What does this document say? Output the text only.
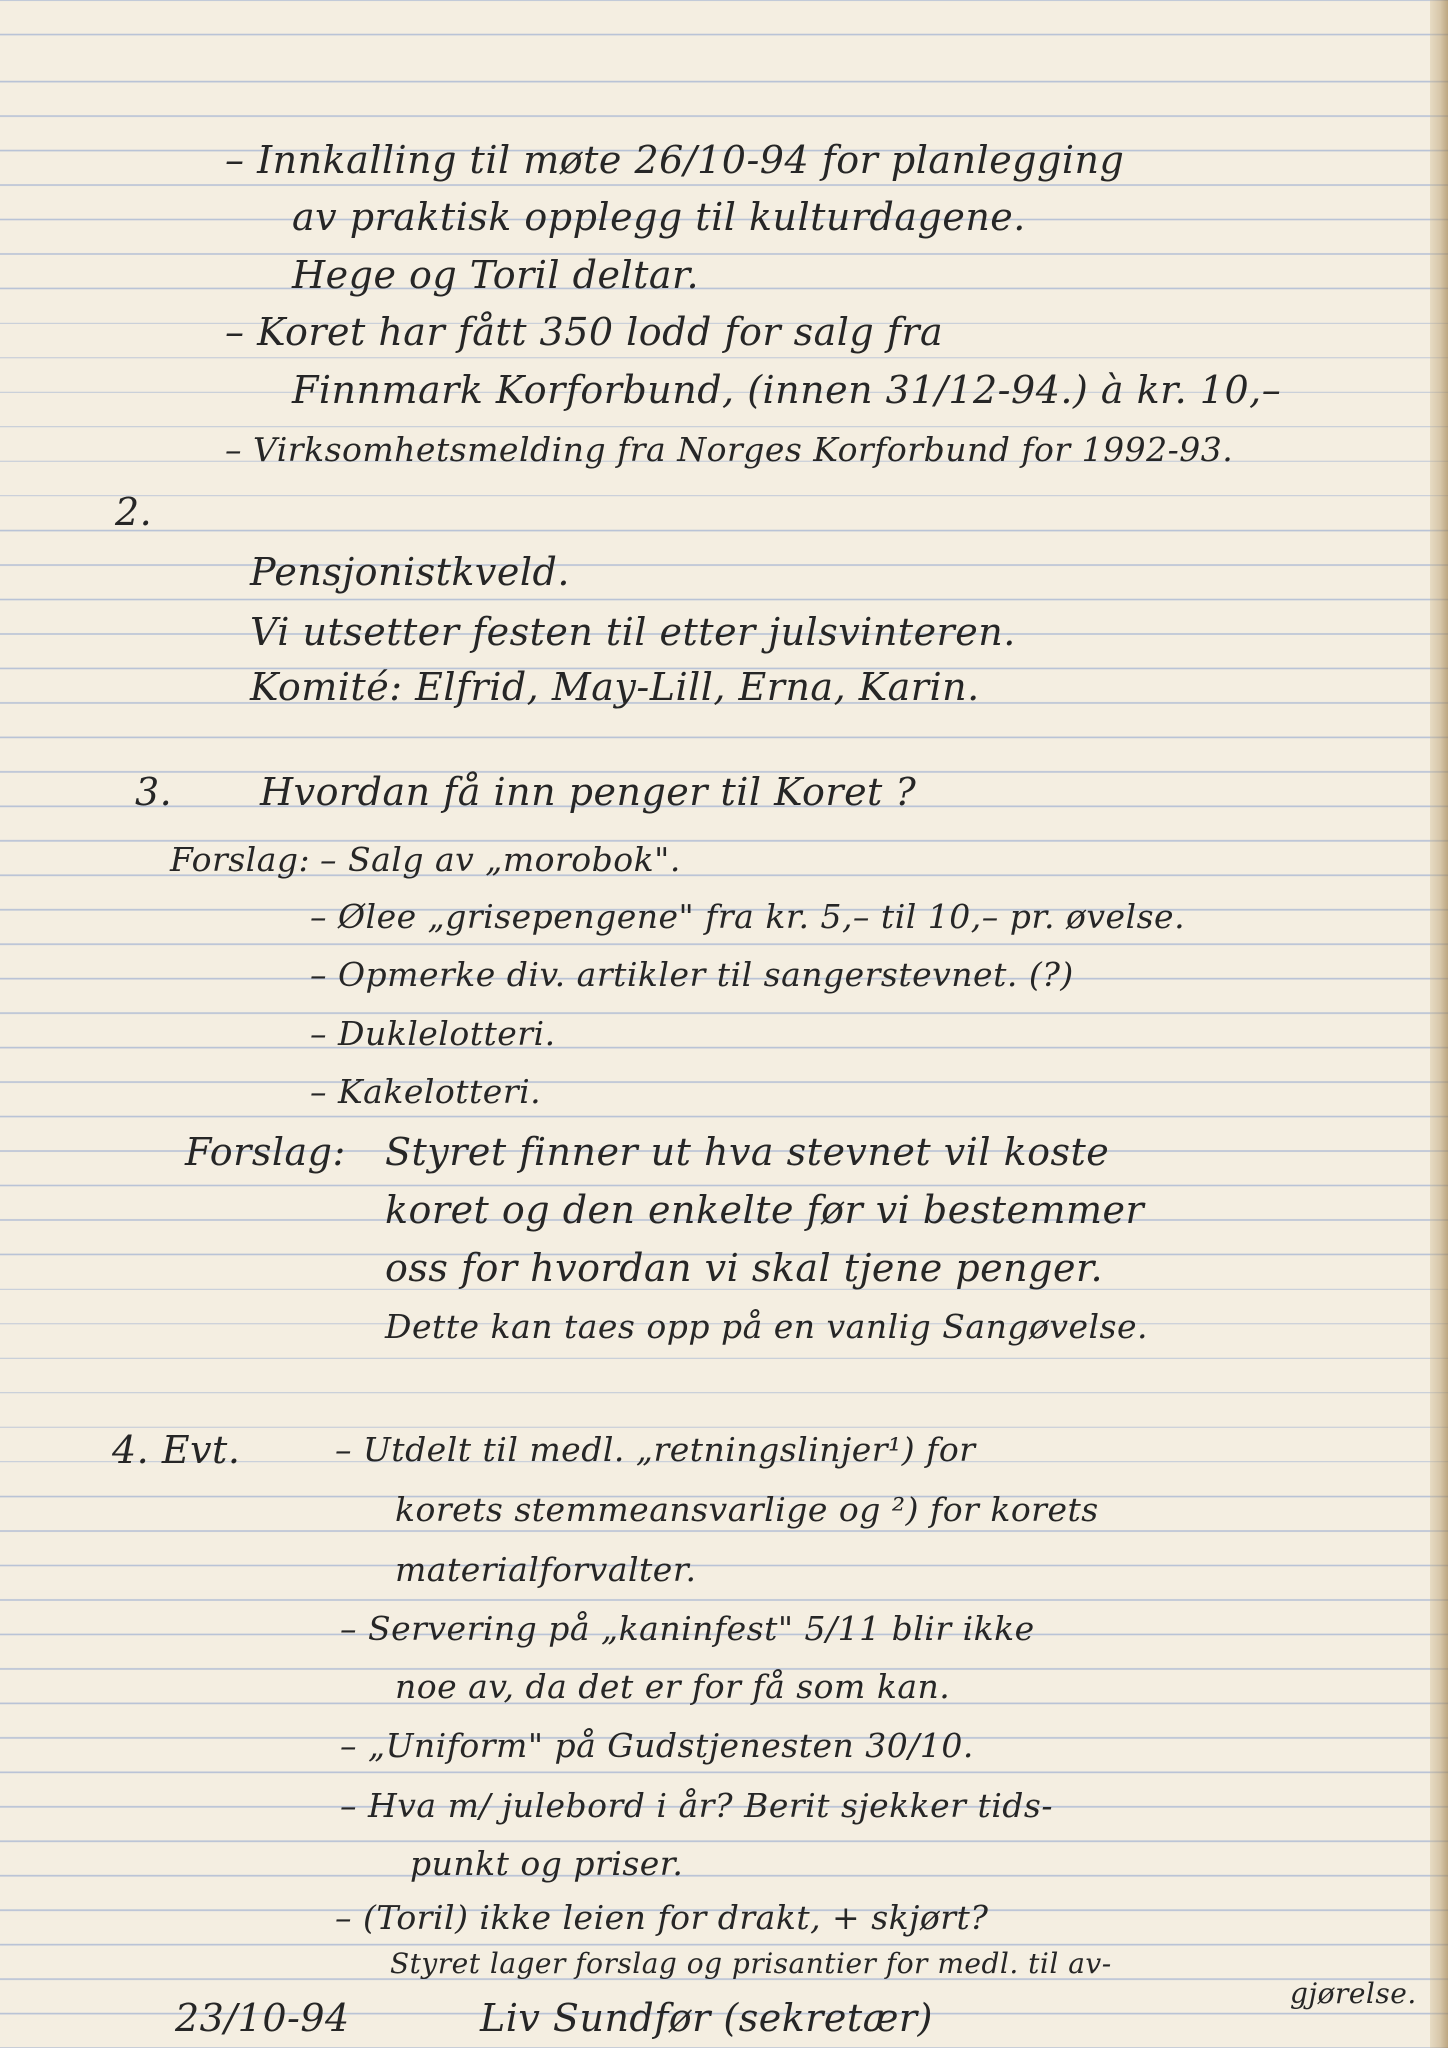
– Innkalling til møte 26/10-94 for planlegging
av praktisk opplegg til kulturdagene.
Hege og Toril deltar.
– Koret har fått 350 lodd for salg fra
Finnmark Korforbund, (innen 31/12-94.) à kr. 10,–
– Virksomhetsmelding fra Norges Korforbund for 1992-93.
2.
Pensjonistkveld.
Vi utsetter festen til etter julsvinteren.
Komité: Elfrid, May-Lill, Erna, Karin.
3. Hvordan få inn penger til Koret ?
Forslag: – Salg av „morobok".
– Ølee „grisepengene" fra kr. 5,– til 10,– pr. øvelse.
– Opmerke div. artikler til sangerstevnet. (?)
– Duklelotteri.
– Kakelotteri.
Forslag: Styret finner ut hva stevnet vil koste
koret og den enkelte før vi bestemmer
oss for hvordan vi skal tjene penger.
Dette kan taes opp på en vanlig Sangøvelse.
4. Evt.	– Utdelt til medl. „retningslinjer¹) for
korets stemmeansvarlige og ²) for korets
materialforvalter.
– Servering på „kaninfest" 5/11 blir ikke
noe av, da det er for få som kan.
– „Uniform" på Gudstjenesten 30/10.
– Hva m/ julebord i år? Berit sjekker tids-
punkt og priser.
– (Toril) ikke leien for drakt, + skjørt?
Styret lager forslag og prisantier for medl. til av-
gjørelse.
23/10-94	Liv Sundfør (sekretær)
